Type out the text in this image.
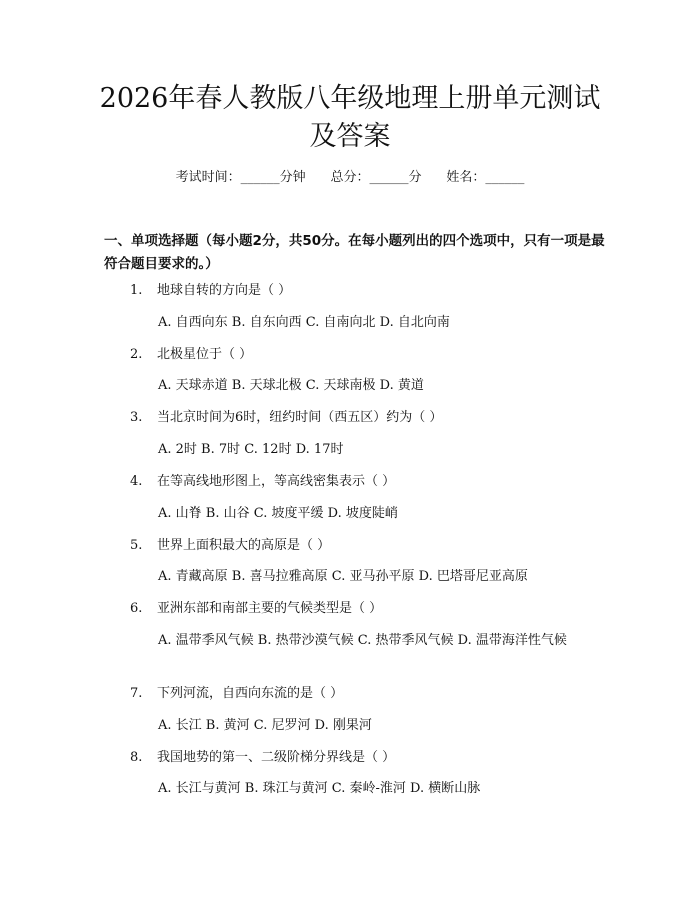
2026年春人教版八年级地理上册单元测试及答案
考试时间：______分钟 总分：______分 姓名：______

一、单项选择题（每小题2分，共50分。在每小题列出的四个选项中，只有一项是最符合题目要求的。）

1. 地球自转的方向是（ ）
A. 自西向东 B. 自东向西 C. 自南向北 D. 自北向南
2. 北极星位于（ ）
A. 天球赤道 B. 天球北极 C. 天球南极 D. 黄道
3. 当北京时间为6时，纽约时间（西五区）约为（ ）
A. 2时 B. 7时 C. 12时 D. 17时
4. 在等高线地形图上，等高线密集表示（ ）
A. 山脊 B. 山谷 C. 坡度平缓 D. 坡度陡峭
5. 世界上面积最大的高原是（ ）
A. 青藏高原 B. 喜马拉雅高原 C. 亚马孙平原 D. 巴塔哥尼亚高原
6. 亚洲东部和南部主要的气候类型是（ ）
A. 温带季风气候 B. 热带沙漠气候 C. 热带季风气候 D. 温带海洋性气候
7. 下列河流，自西向东流的是（ ）
A. 长江 B. 黄河 C. 尼罗河 D. 刚果河
8. 我国地势的第一、二级阶梯分界线是（ ）
A. 长江与黄河 B. 珠江与黄河 C. 秦岭-淮河 D. 横断山脉
